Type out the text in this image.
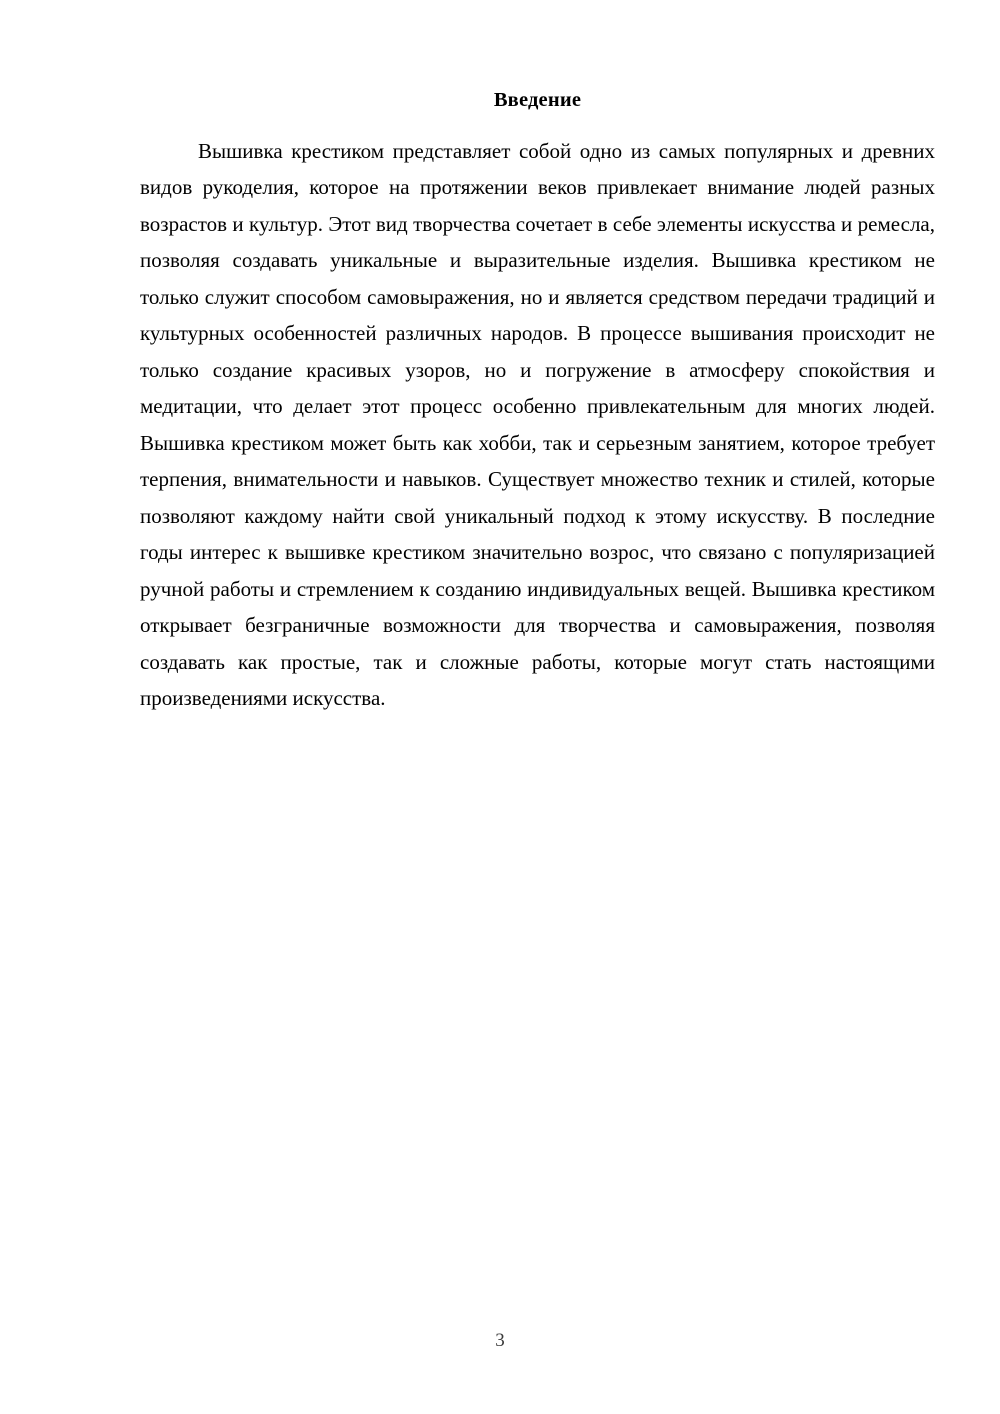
Введение

Вышивка крестиком представляет собой одно из самых популярных и древних видов рукоделия, которое на протяжении веков привлекает внимание людей разных возрастов и культур. Этот вид творчества сочетает в себе элементы искусства и ремесла, позволяя создавать уникальные и выразительные изделия. Вышивка крестиком не только служит способом самовыражения, но и является средством передачи традиций и культурных особенностей различных народов. В процессе вышивания происходит не только создание красивых узоров, но и погружение в атмосферу спокойствия и медитации, что делает этот процесс особенно привлекательным для многих людей. Вышивка крестиком может быть как хобби, так и серьезным занятием, которое требует терпения, внимательности и навыков. Существует множество техник и стилей, которые позволяют каждому найти свой уникальный подход к этому искусству. В последние годы интерес к вышивке крестиком значительно возрос, что связано с популяризацией ручной работы и стремлением к созданию индивидуальных вещей. Вышивка крестиком открывает безграничные возможности для творчества и самовыражения, позволяя создавать как простые, так и сложные работы, которые могут стать настоящими произведениями искусства.

3
